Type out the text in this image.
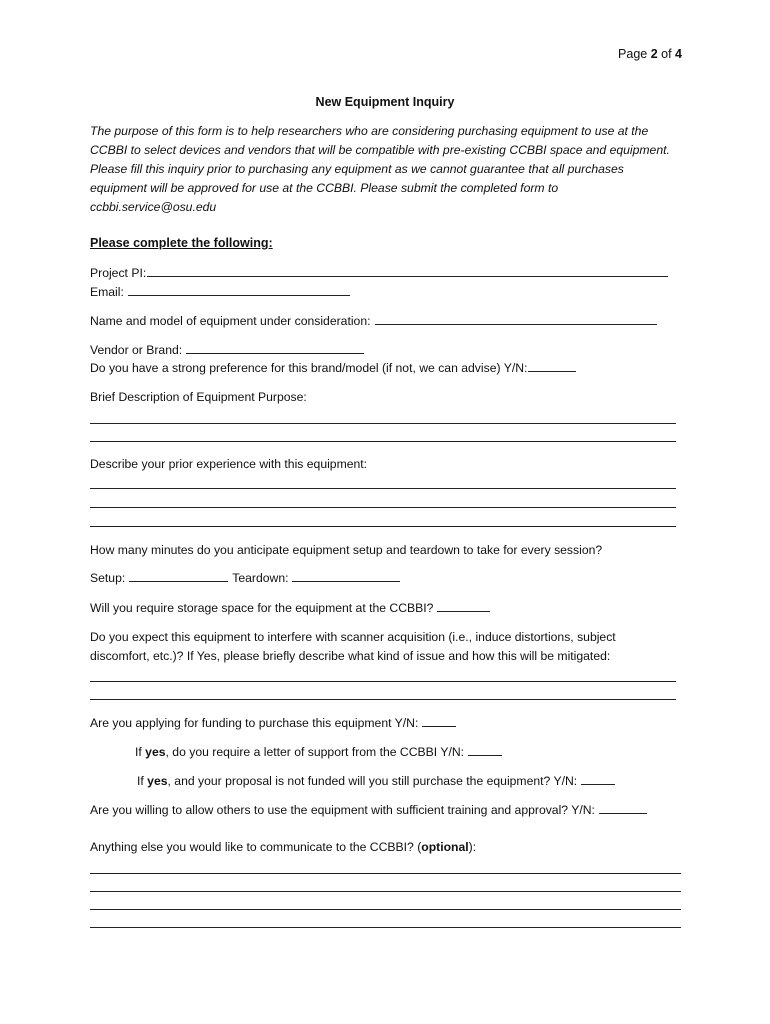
Page 2 of 4
New Equipment Inquiry
The purpose of this form is to help researchers who are considering purchasing equipment to use at the CCBBI to select devices and vendors that will be compatible with pre-existing CCBBI space and equipment. Please fill this inquiry prior to purchasing any equipment as we cannot guarantee that all purchases equipment will be approved for use at the CCBBI. Please submit the completed form to ccbbi.service@osu.edu
Please complete the following:
Project PI:
Email:
Name and model of equipment under consideration:
Vendor or Brand:
Do you have a strong preference for this brand/model (if not, we can advise) Y/N:
Brief Description of Equipment Purpose:
Describe your prior experience with this equipment:
How many minutes do you anticipate equipment setup and teardown to take for every session?
Setup:	Teardown:
Will you require storage space for the equipment at the CCBBI?
Do you expect this equipment to interfere with scanner acquisition (i.e., induce distortions, subject
discomfort, etc.)? If Yes, please briefly describe what kind of issue and how this will be mitigated:
Are you applying for funding to purchase this equipment Y/N:
If yes, do you require a letter of support from the CCBBI Y/N:
If yes, and your proposal is not funded will you still purchase the equipment? Y/N:
Are you willing to allow others to use the equipment with sufficient training and approval? Y/N:
Anything else you would like to communicate to the CCBBI? (optional):
